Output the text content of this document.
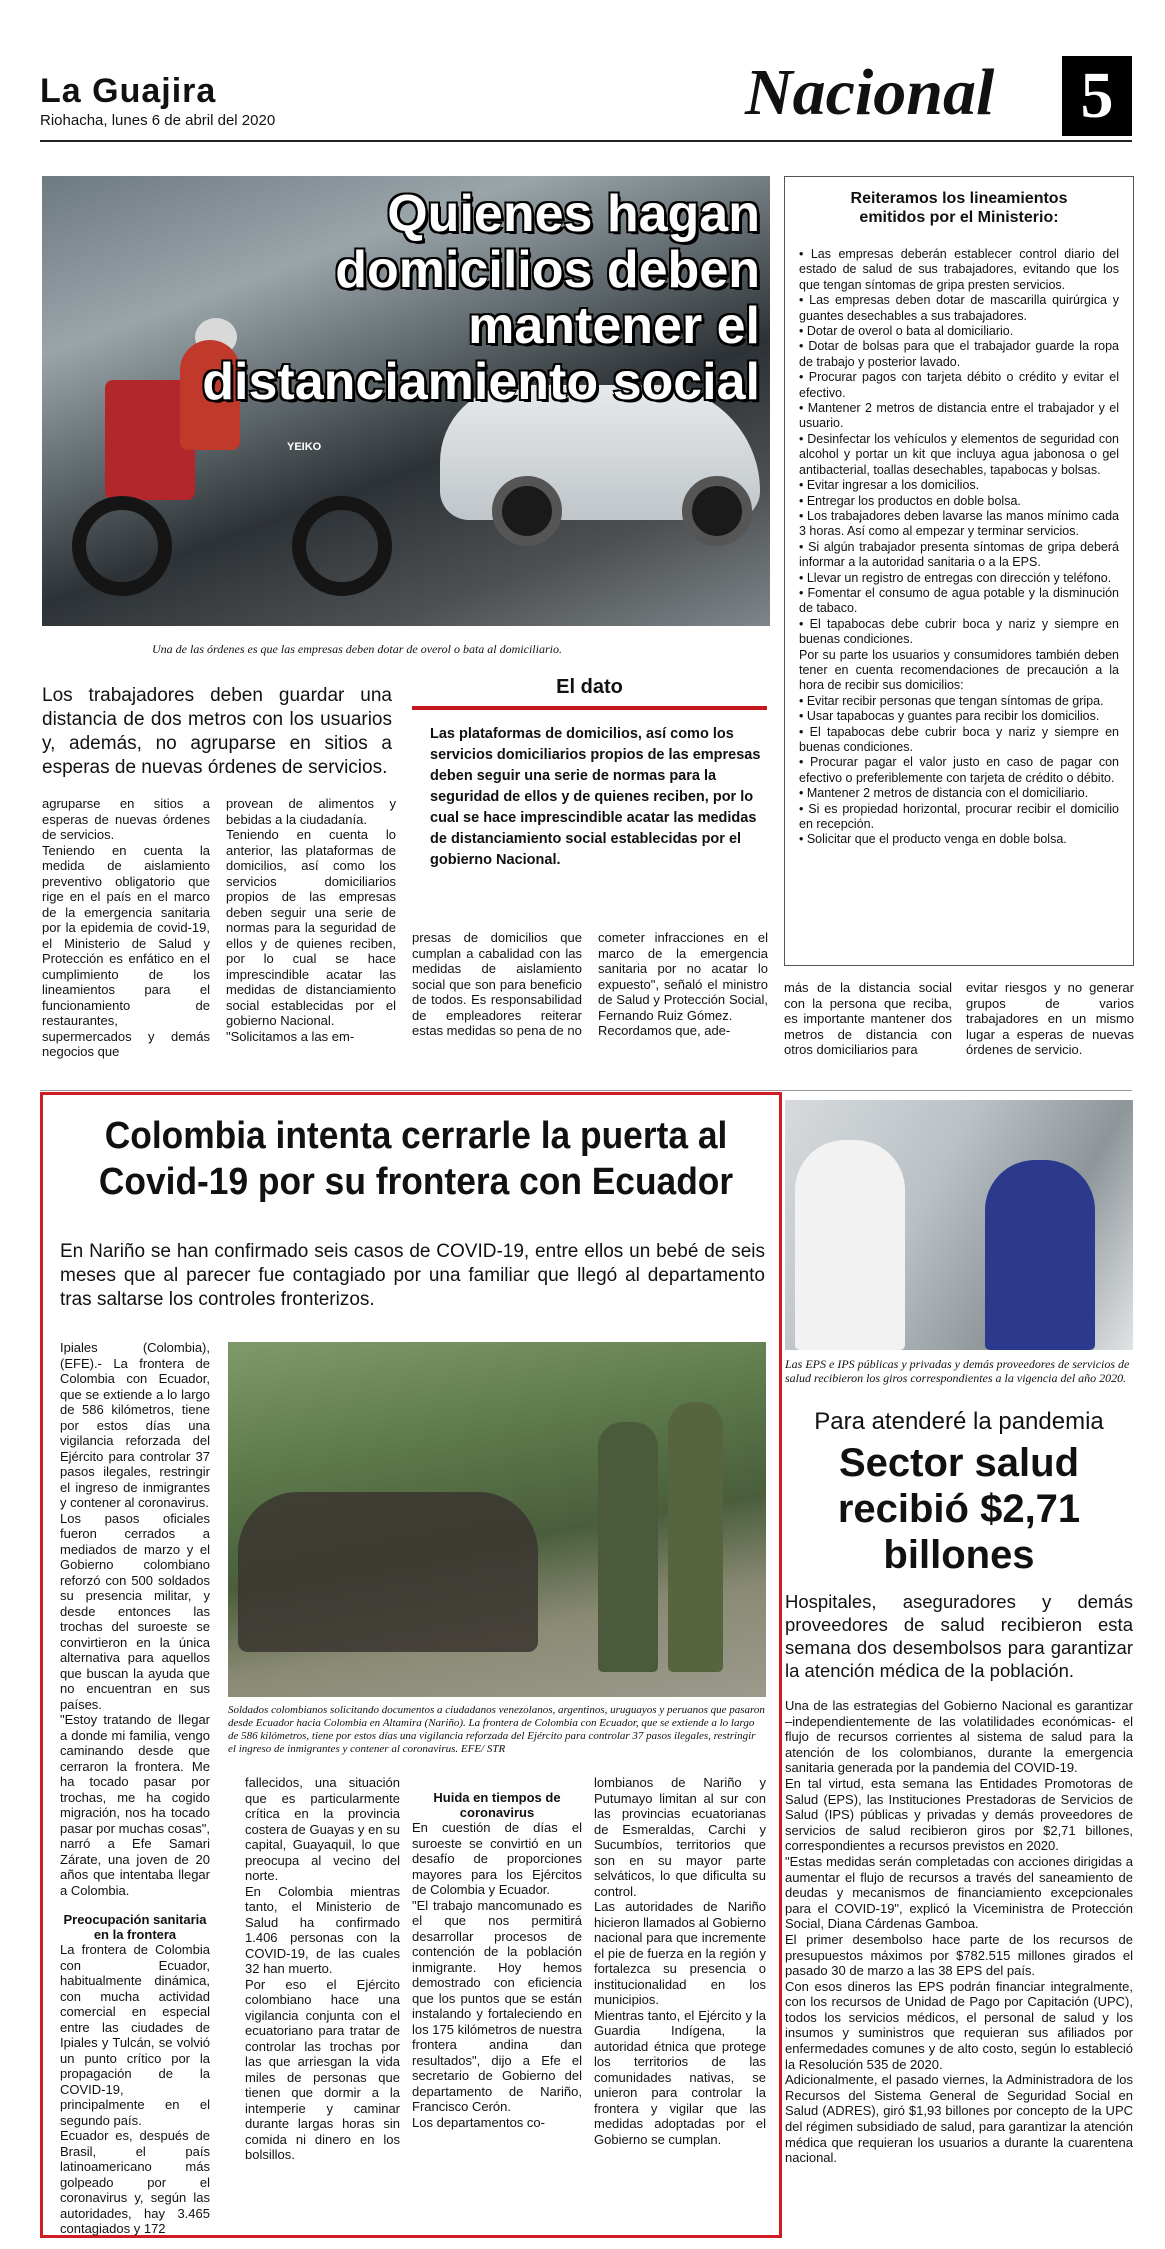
La Guajira
Riohacha, lunes 6 de abril del 2020	Nacional 5
YEIKO
Quienes hagan domicilios deben mantener el distanciamiento social
Una de las órdenes es que las empresas deben dotar de overol o bata al domiciliario.
Reiteramos los lineamientos emitidos por el Ministerio:
• Las empresas deberán establecer control diario del estado de salud de sus trabajadores, evitando que los que tengan síntomas de gripa presten servicios.
• Las empresas deben dotar de mascarilla quirúrgica y guantes desechables a sus trabajadores.
• Dotar de overol o bata al domiciliario.
• Dotar de bolsas para que el trabajador guarde la ropa de trabajo y posterior lavado.
• Procurar pagos con tarjeta débito o crédito y evitar el efectivo.
• Mantener 2 metros de distancia entre el trabajador y el usuario.
• Desinfectar los vehículos y elementos de seguridad con alcohol y portar un kit que incluya agua jabonosa o gel antibacterial, toallas desechables, tapabocas y bolsas.
• Evitar ingresar a los domicilios.
• Entregar los productos en doble bolsa.
• Los trabajadores deben lavarse las manos mínimo cada 3 horas. Así como al empezar y terminar servicios.
• Si algún trabajador presenta síntomas de gripa deberá informar a la autoridad sanitaria o a la EPS.
• Llevar un registro de entregas con dirección y teléfono.
• Fomentar el consumo de agua potable y la disminución de tabaco.
• El tapabocas debe cubrir boca y nariz y siempre en buenas condiciones.
Por su parte los usuarios y consumidores también deben tener en cuenta recomendaciones de precaución a la hora de recibir sus domicilios:
• Evitar recibir personas que tengan síntomas de gripa.
• Usar tapabocas y guantes para recibir los domicilios.
• El tapabocas debe cubrir boca y nariz y siempre en buenas condiciones.
• Procurar pagar el valor justo en caso de pagar con efectivo o preferiblemente con tarjeta de crédito o débito.
• Mantener 2 metros de distancia con el domiciliario.
• Si es propiedad horizontal, procurar recibir el domicilio en recepción.
• Solicitar que el producto venga en doble bolsa.
Los trabajadores deben guardar una distancia de dos metros con los usuarios y, además, no agruparse en sitios a esperas de nuevas órdenes de servicios.
El dato
Las plataformas de domicilios, así como los servicios domiciliarios propios de las empresas deben seguir una serie de normas para la seguridad de ellos y de quienes reciben, por lo cual se hace imprescindible acatar las medidas de distanciamiento social establecidas por el gobierno Nacional.
agruparse en sitios a esperas de nuevas órdenes de servicios.
Teniendo en cuenta la medida de aislamiento preventivo obligatorio que rige en el país en el marco de la emergencia sanitaria por la epidemia de covid-19, el Ministerio de Salud y Protección es enfático en el cumplimiento de los lineamientos para el funcionamiento de restaurantes, supermercados y demás negocios que
provean de alimentos y bebidas a la ciudadanía.
Teniendo en cuenta lo anterior, las plataformas de domicilios, así como los servicios domiciliarios propios de las empresas deben seguir una serie de normas para la seguridad de ellos y de quienes reciben, por lo cual se hace imprescindible acatar las medidas de distanciamiento social establecidas por el gobierno Nacional.
"Solicitamos a las em-
presas de domicilios que cumplan a cabalidad con las medidas de aislamiento social que son para beneficio de todos. Es responsabilidad de empleadores reiterar estas medidas so pena de no
cometer infracciones en el marco de la emergencia sanitaria por no acatar lo expuesto", señaló el ministro de Salud y Protección Social, Fernando Ruiz Gómez.
Recordamos que, ade-
más de la distancia social con la persona que reciba, es importante mantener dos metros de distancia con otros domiciliarios para
evitar riesgos y no generar grupos de varios trabajadores en un mismo lugar a esperas de nuevas órdenes de servicio.
Colombia intenta cerrarle la puerta al Covid-19 por su frontera con Ecuador
En Nariño se han confirmado seis casos de COVID-19, entre ellos un bebé de seis meses que al parecer fue contagiado por una familiar que llegó al departamento tras saltarse los controles fronterizos.
Ipiales (Colombia), (EFE).- La frontera de Colombia con Ecuador, que se extiende a lo largo de 586 kilómetros, tiene por estos días una vigilancia reforzada del Ejército para controlar 37 pasos ilegales, restringir el ingreso de inmigrantes y contener al coronavirus.
Los pasos oficiales fueron cerrados a mediados de marzo y el Gobierno colombiano reforzó con 500 soldados su presencia militar, y desde entonces las trochas del suroeste se convirtieron en la única alternativa para aquellos que buscan la ayuda que no encuentran en sus países.
"Estoy tratando de llegar a donde mi familia, vengo caminando desde que cerraron la frontera. Me ha tocado pasar por trochas, me ha cogido migración, nos ha tocado pasar por muchas cosas", narró a Efe Samari Zárate, una joven de 20 años que intentaba llegar a Colombia.
Preocupación sanitaria en la frontera
La frontera de Colombia con Ecuador, habitualmente dinámica, con mucha actividad comercial en especial entre las ciudades de Ipiales y Tulcán, se volvió un punto crítico por la propagación de la COVID-19, principalmente en el segundo país.
Ecuador es, después de Brasil, el país latinoamericano más golpeado por el coronavirus y, según las autoridades, hay 3.465 contagiados y 172
Soldados colombianos solicitando documentos a ciudadanos venezolanos, argentinos, uruguayos y peruanos que pasaron desde Ecuador hacia Colombia en Altamira (Nariño). La frontera de Colombia con Ecuador, que se extiende a lo largo de 586 kilómetros, tiene por estos días una vigilancia reforzada del Ejército para controlar 37 pasos ilegales, restringir el ingreso de inmigrantes y contener al coronavirus. EFE/ STR
fallecidos, una situación que es particularmente crítica en la provincia costera de Guayas y en su capital, Guayaquil, lo que preocupa al vecino del norte.
En Colombia mientras tanto, el Ministerio de Salud ha confirmado 1.406 personas con la COVID-19, de las cuales 32 han muerto.
Por eso el Ejército colombiano hace una vigilancia conjunta con el ecuatoriano para tratar de controlar las trochas por las que arriesgan la vida miles de personas que tienen que dormir a la intemperie y caminar durante largas horas sin comida ni dinero en los bolsillos.
Huida en tiempos de coronavirus
En cuestión de días el suroeste se convirtió en un desafío de proporciones mayores para los Ejércitos de Colombia y Ecuador.
"El trabajo mancomunado es el que nos permitirá desarrollar procesos de contención de la población inmigrante. Hoy hemos demostrado con eficiencia que los puntos que se están instalando y fortaleciendo en los 175 kilómetros de nuestra frontera andina dan resultados", dijo a Efe el secretario de Gobierno del departamento de Nariño, Francisco Cerón.
Los departamentos co-
lombianos de Nariño y Putumayo limitan al sur con las provincias ecuatorianas de Esmeraldas, Carchi y Sucumbíos, territorios que son en su mayor parte selváticos, lo que dificulta su control.
Las autoridades de Nariño hicieron llamados al Gobierno nacional para que incremente el pie de fuerza en la región y fortalezca su presencia o institucionalidad en los municipios.
Mientras tanto, el Ejército y la Guardia Indígena, la autoridad étnica que protege los territorios de las comunidades nativas, se unieron para controlar la frontera y vigilar que las medidas adoptadas por el Gobierno se cumplan.
Las EPS e IPS públicas y privadas y demás proveedores de servicios de salud recibieron los giros correspondientes a la vigencia del año 2020.
Para atenderé la pandemia
Sector salud recibió $2,71 billones
Hospitales, aseguradores y demás proveedores de salud recibieron esta semana dos desembolsos para garantizar la atención médica de la población.
Una de las estrategias del Gobierno Nacional es garantizar –independientemente de las volatilidades económicas- el flujo de recursos corrientes al sistema de salud para la atención de los colombianos, durante la emergencia sanitaria generada por la pandemia del COVID-19.
En tal virtud, esta semana las Entidades Promotoras de Salud (EPS), las Instituciones Prestadoras de Servicios de Salud (IPS) públicas y privadas y demás proveedores de servicios de salud recibieron giros por $2,71 billones, correspondientes a recursos previstos en 2020.
"Estas medidas serán completadas con acciones dirigidas a aumentar el flujo de recursos a través del saneamiento de deudas y mecanismos de financiamiento excepcionales para el COVID-19", explicó la Viceministra de Protección Social, Diana Cárdenas Gamboa.
El primer desembolso hace parte de los recursos de presupuestos máximos por $782.515 millones girados el pasado 30 de marzo a las 38 EPS del país.
Con esos dineros las EPS podrán financiar integralmente, con los recursos de Unidad de Pago por Capitación (UPC), todos los servicios médicos, el personal de salud y los insumos y suministros que requieran sus afiliados por enfermedades comunes y de alto costo, según lo estableció la Resolución 535 de 2020.
Adicionalmente, el pasado viernes, la Administradora de los Recursos del Sistema General de Seguridad Social en Salud (ADRES), giró $1,93 billones por concepto de la UPC del régimen subsidiado de salud, para garantizar la atención médica que requieran los usuarios a durante la cuarentena nacional.
